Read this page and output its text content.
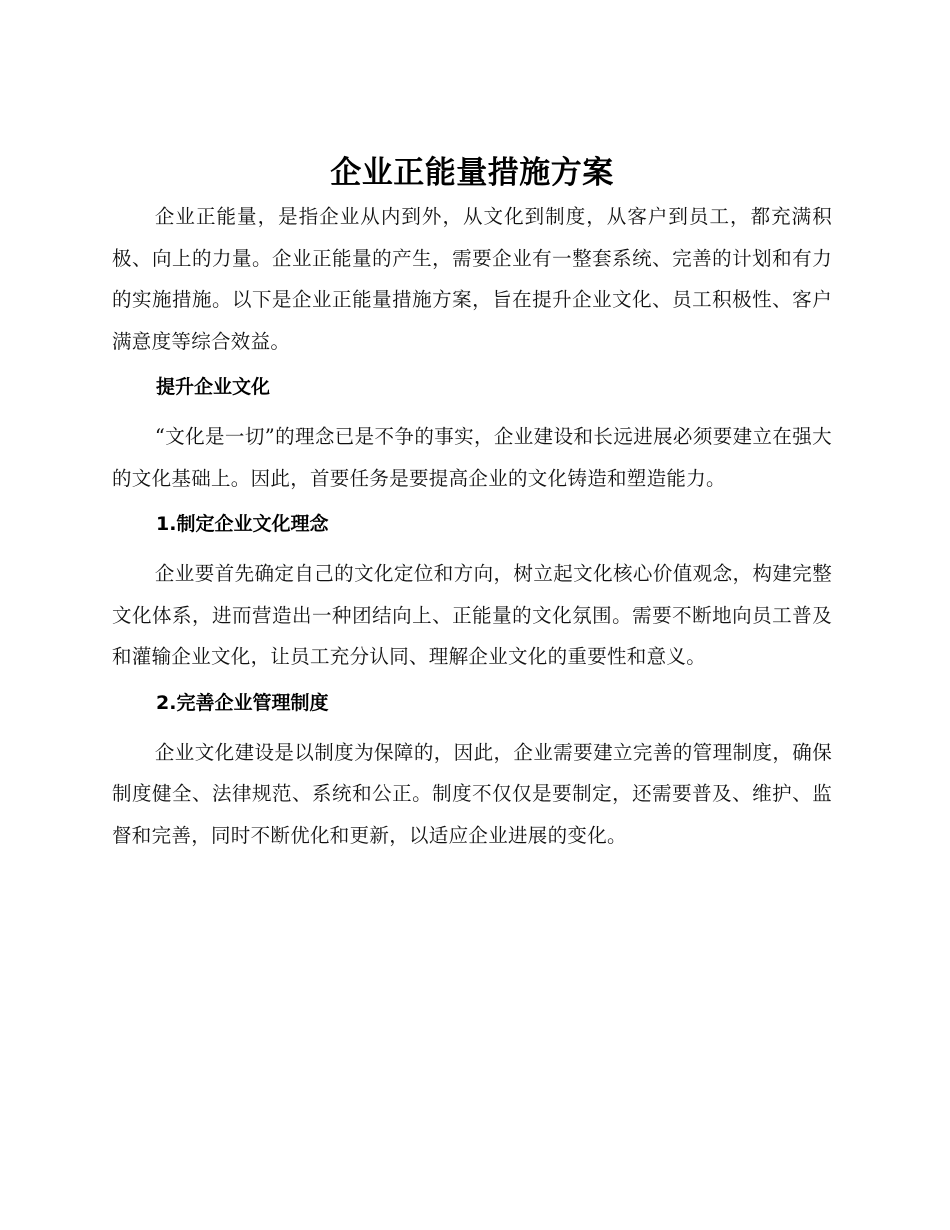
企业正能量措施方案

企业正能量，是指企业从内到外，从文化到制度，从客户到员工，都充满积极、向上的力量。企业正能量的产生，需要企业有一整套系统、完善的计划和有力的实施措施。以下是企业正能量措施方案，旨在提升企业文化、员工积极性、客户满意度等综合效益。

提升企业文化

“文化是一切”的理念已是不争的事实，企业建设和长远进展必须要建立在强大的文化基础上。因此，首要任务是要提高企业的文化铸造和塑造能力。

1.制定企业文化理念

企业要首先确定自己的文化定位和方向，树立起文化核心价值观念，构建完整文化体系，进而营造出一种团结向上、正能量的文化氛围。需要不断地向员工普及和灌输企业文化，让员工充分认同、理解企业文化的重要性和意义。

2.完善企业管理制度

企业文化建设是以制度为保障的，因此，企业需要建立完善的管理制度，确保制度健全、法律规范、系统和公正。制度不仅仅是要制定，还需要普及、维护、监督和完善，同时不断优化和更新，以适应企业进展的变化。
